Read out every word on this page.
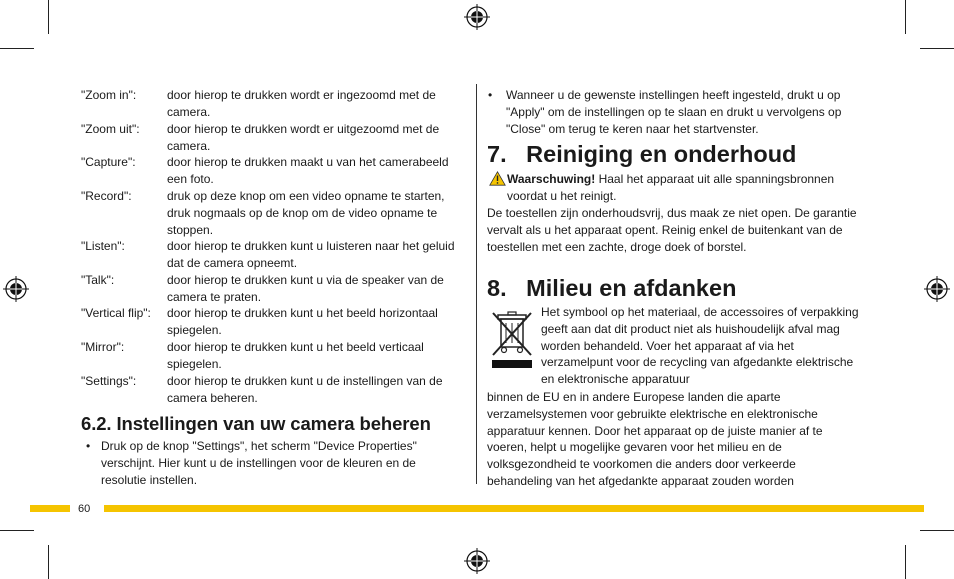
"Zoom in":	door hierop te drukken wordt er ingezoomd met de camera.
"Zoom uit":	door hierop te drukken wordt er uitgezoomd met de camera.
"Capture":	door hierop te drukken maakt u van het camerabeeld een foto.
"Record":	druk op deze knop om een video opname te starten, druk nogmaals op de knop om de video opname te stoppen.
"Listen":	door hierop te drukken kunt u luisteren naar het geluid dat de camera opneemt.
"Talk":	door hierop te drukken kunt u via de speaker van de camera te praten.
"Vertical flip":	door hierop te drukken kunt u het beeld horizontaal spiegelen.
"Mirror":	door hierop te drukken kunt u het beeld verticaal spiegelen.
"Settings":	door hierop te drukken kunt u de instellingen van de camera beheren.
6.2. Instellingen van uw camera beheren
• Druk op de knop "Settings", het scherm "Device Properties" verschijnt. Hier kunt u de instellingen voor de kleuren en de resolutie instellen.
• Wanneer u de gewenste instellingen heeft ingesteld, drukt u op "Apply" om de instellingen op te slaan en drukt u vervolgens op "Close" om terug te keren naar het startvenster.
7.   Reiniging en onderhoud
Waarschuwing! Haal het apparaat uit alle spanningsbronnen voordat u het reinigt.
De toestellen zijn onderhoudsvrij, dus maak ze niet open. De garantie vervalt als u het apparaat opent. Reinig enkel de buitenkant van de toestellen met een zachte, droge doek of borstel.
8.   Milieu en afdanken
Het symbool op het materiaal, de accessoires of verpakking geeft aan dat dit product niet als huishoudelijk afval mag worden behandeld. Voer het apparaat af via het verzamelpunt voor de recycling van afgedankte elektrische en elektronische apparatuur
binnen de EU en in andere Europese landen die aparte verzamelsystemen voor gebruikte elektrische en elektronische apparatuur kennen. Door het apparaat op de juiste manier af te voeren, helpt u mogelijke gevaren voor het milieu en de volksgezondheid te voorkomen die anders door verkeerde behandeling van het afgedankte apparaat zouden worden
60
